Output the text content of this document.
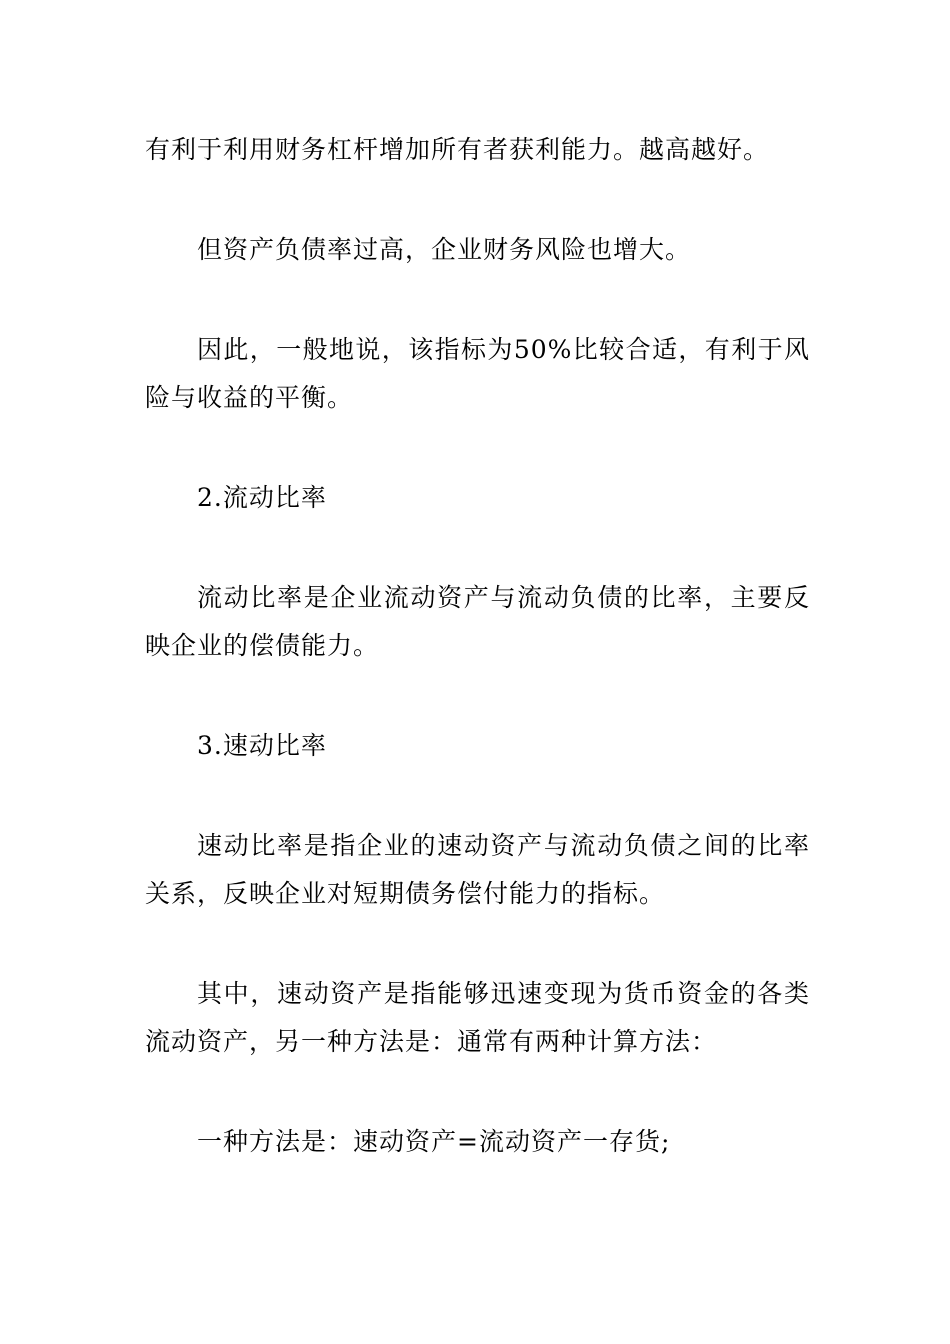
有利于利用财务杠杆增加所有者获利能力。越高越好。

但资产负债率过高，企业财务风险也增大。

因此，一般地说，该指标为50%比较合适，有利于风险与收益的平衡。

2.流动比率

流动比率是企业流动资产与流动负债的比率，主要反映企业的偿债能力。

3.速动比率

速动比率是指企业的速动资产与流动负债之间的比率关系，反映企业对短期债务偿付能力的指标。

其中，速动资产是指能够迅速变现为货币资金的各类流动资产，另一种方法是：通常有两种计算方法：

一种方法是：速动资产=流动资产一存货;
